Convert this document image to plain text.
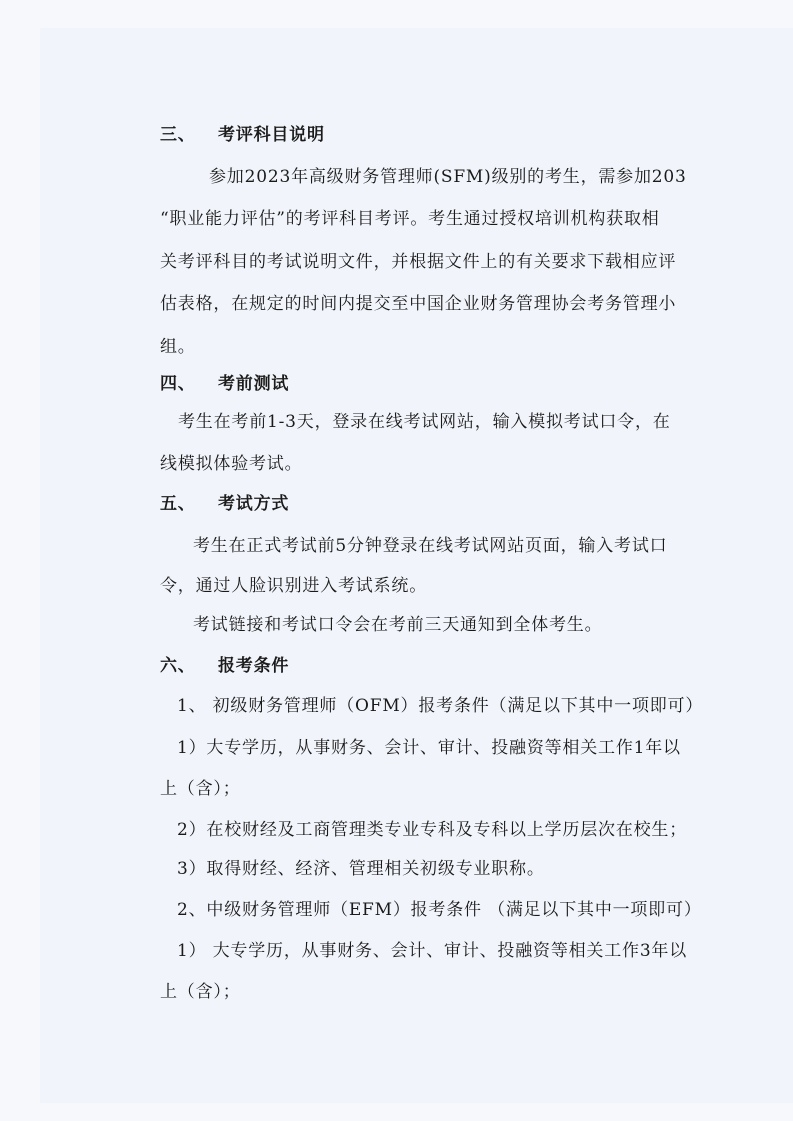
三、 考评科目说明
参加2023年高级财务管理师(SFM)级别的考生，需参加203
“职业能力评估”的考评科目考评。考生通过授权培训机构获取相
关考评科目的考试说明文件，并根据文件上的有关要求下载相应评
估表格，在规定的时间内提交至中国企业财务管理协会考务管理小
组。
四、 考前测试
考生在考前1-3天，登录在线考试网站，输入模拟考试口令，在
线模拟体验考试。
五、 考试方式
考生在正式考试前5分钟登录在线考试网站页面，输入考试口
令，通过人脸识别进入考试系统。
考试链接和考试口令会在考前三天通知到全体考生。
六、 报考条件
1、 初级财务管理师（OFM）报考条件（满足以下其中一项即可）
1）大专学历，从事财务、会计、审计、投融资等相关工作1年以
上（含）；
2）在校财经及工商管理类专业专科及专科以上学历层次在校生；
3）取得财经、经济、管理相关初级专业职称。
2、中级财务管理师（EFM）报考条件 （满足以下其中一项即可）
1） 大专学历，从事财务、会计、审计、投融资等相关工作3年以
上（含）；
